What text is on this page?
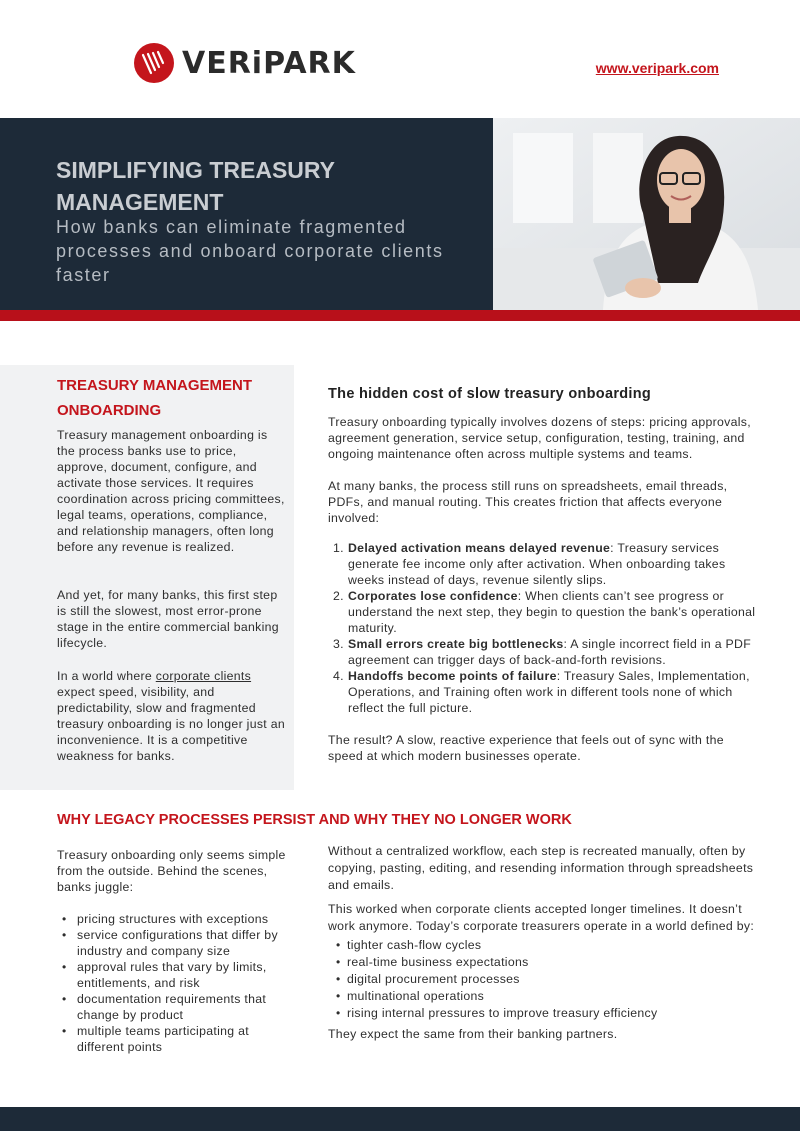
VERiPARK	www.veripark.com
SIMPLIFYING TREASURY MANAGEMENT
How banks can eliminate fragmented processes and onboard corporate clients faster
TREASURY MANAGEMENT ONBOARDING
Treasury management onboarding is the process banks use to price, approve, document, configure, and activate those services. It requires coordination across pricing committees, legal teams, operations, compliance, and relationship managers, often long before any revenue is realized.
And yet, for many banks, this first step is still the slowest, most error-prone stage in the entire commercial banking lifecycle.
In a world where corporate clients expect speed, visibility, and predictability, slow and fragmented treasury onboarding is no longer just an inconvenience. It is a competitive weakness for banks.
The hidden cost of slow treasury onboarding

Treasury onboarding typically involves dozens of steps: pricing approvals, agreement generation, service setup, configuration, testing, training, and ongoing maintenance often across multiple systems and teams.

At many banks, the process still runs on spreadsheets, email threads, PDFs, and manual routing. This creates friction that affects everyone involved:

1. Delayed activation means delayed revenue: Treasury services generate fee income only after activation. When onboarding takes weeks instead of days, revenue silently slips.
2. Corporates lose confidence: When clients can’t see progress or understand the next step, they begin to question the bank’s operational maturity.
3. Small errors create big bottlenecks: A single incorrect field in a PDF agreement can trigger days of back-and-forth revisions.
4. Handoffs become points of failure: Treasury Sales, Implementation, Operations, and Training often work in different tools none of which reflect the full picture.

The result? A slow, reactive experience that feels out of sync with the speed at which modern businesses operate.

WHY LEGACY PROCESSES PERSIST AND WHY THEY NO LONGER WORK

Treasury onboarding only seems simple from the outside. Behind the scenes, banks juggle:

• pricing structures with exceptions
• service configurations that differ by industry and company size
• approval rules that vary by limits, entitlements, and risk
• documentation requirements that change by product
• multiple teams participating at different points

Without a centralized workflow, each step is recreated manually, often by copying, pasting, editing, and resending information through spreadsheets and emails.

This worked when corporate clients accepted longer timelines. It doesn’t work anymore. Today’s corporate treasurers operate in a world defined by:

• tighter cash-flow cycles
• real-time business expectations
• digital procurement processes
• multinational operations
• rising internal pressures to improve treasury efficiency

They expect the same from their banking partners.
